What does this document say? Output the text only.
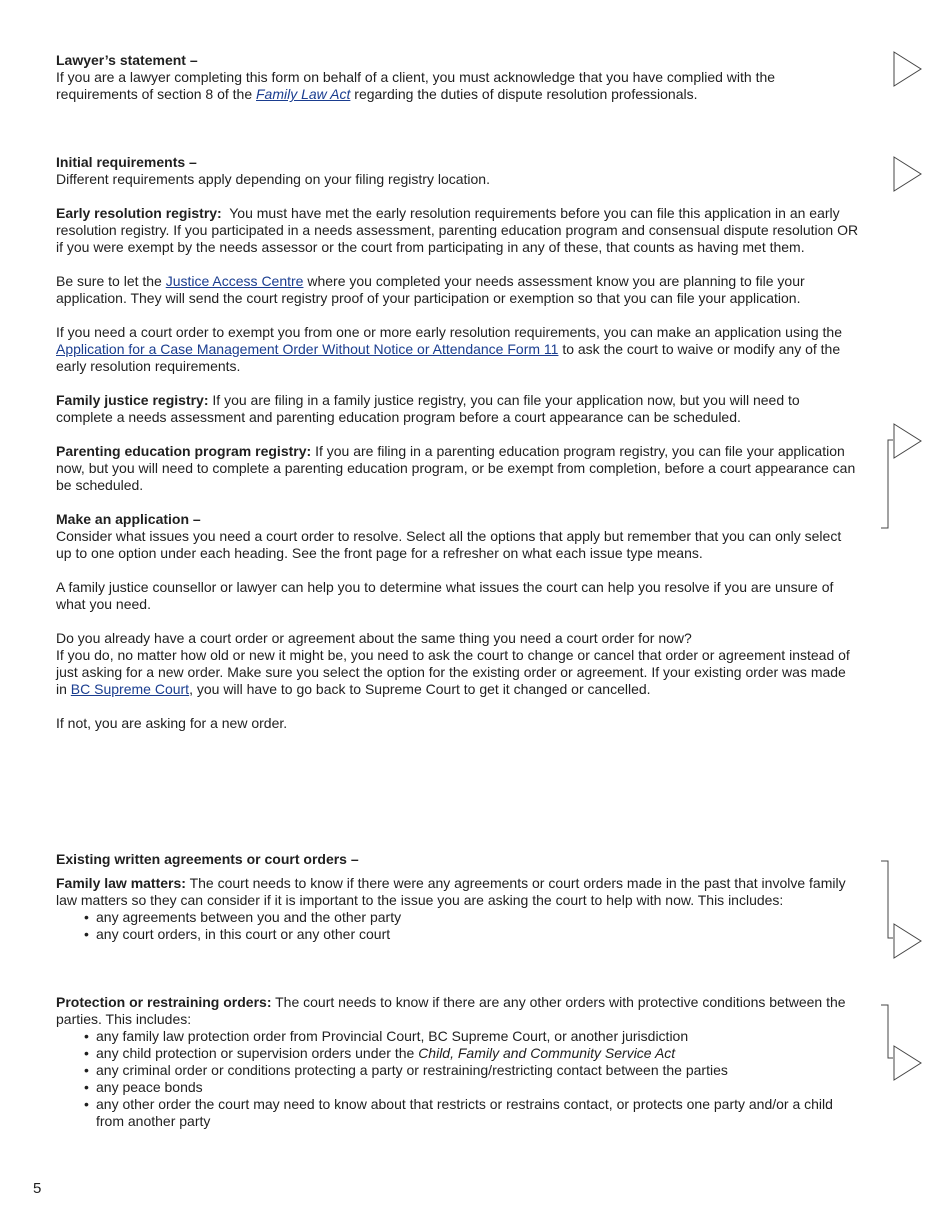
Lawyer’s statement –

If you are a lawyer completing this form on behalf of a client, you must acknowledge that you have complied with the requirements of section 8 of the Family Law Act regarding the duties of dispute resolution professionals.

Initial requirements –

Different requirements apply depending on your filing registry location.

Early resolution registry: You must have met the early resolution requirements before you can file this application in an early resolution registry. If you participated in a needs assessment, parenting education program and consensual dispute resolution OR if you were exempt by the needs assessor or the court from participating in any of these, that counts as having met them.

Be sure to let the Justice Access Centre where you completed your needs assessment know you are planning to file your application. They will send the court registry proof of your participation or exemption so that you can file your application.

If you need a court order to exempt you from one or more early resolution requirements, you can make an application using the Application for a Case Management Order Without Notice or Attendance Form 11 to ask the court to waive or modify any of the early resolution requirements.

Family justice registry: If you are filing in a family justice registry, you can file your application now, but you will need to complete a needs assessment and parenting education program before a court appearance can be scheduled.

Parenting education program registry: If you are filing in a parenting education program registry, you can file your application now, but you will need to complete a parenting education program, or be exempt from completion, before a court appearance can be scheduled.

Make an application –

Consider what issues you need a court order to resolve. Select all the options that apply but remember that you can only select up to one option under each heading. See the front page for a refresher on what each issue type means.

A family justice counsellor or lawyer can help you to determine what issues the court can help you resolve if you are unsure of what you need.

Do you already have a court order or agreement about the same thing you need a court order for now?

If you do, no matter how old or new it might be, you need to ask the court to change or cancel that order or agreement instead of just asking for a new order. Make sure you select the option for the existing order or agreement. If your existing order was made in BC Supreme Court, you will have to go back to Supreme Court to get it changed or cancelled.

If not, you are asking for a new order.

Existing written agreements or court orders –

Family law matters: The court needs to know if there were any agreements or court orders made in the past that involve family law matters so they can consider if it is important to the issue you are asking the court to help with now. This includes:

• any agreements between you and the other party
• any court orders, in this court or any other court

Protection or restraining orders: The court needs to know if there are any other orders with protective conditions between the parties. This includes:

• any family law protection order from Provincial Court, BC Supreme Court, or another jurisdiction
• any child protection or supervision orders under the Child, Family and Community Service Act
• any criminal order or conditions protecting a party or restraining/restricting contact between the parties
• any peace bonds
• any other order the court may need to know about that restricts or restrains contact, or protects one party and/or a child from another party
5
